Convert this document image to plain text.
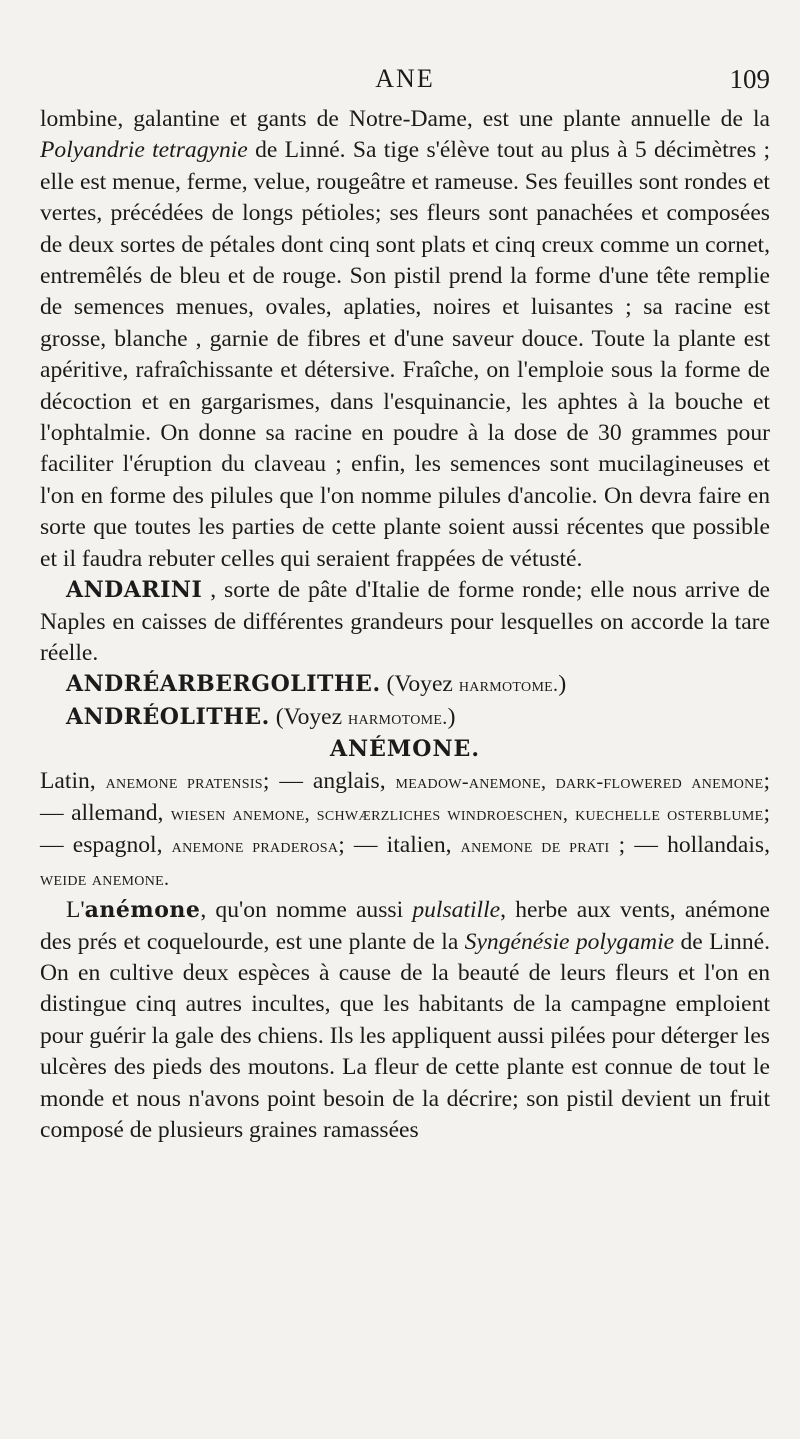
ANE	109

lombine, galantine et gants de Notre-Dame, est une plante annuelle de la Polyandrie tetragynie de Linné. Sa tige s'élève tout au plus à 5 décimètres ; elle est menue, ferme, velue, rougeâtre et rameuse. Ses feuilles sont rondes et vertes, précédées de longs pétioles; ses fleurs sont panachées et composées de deux sortes de pétales dont cinq sont plats et cinq creux comme un cornet, entremêlés de bleu et de rouge. Son pistil prend la forme d'une tête remplie de semences menues, ovales, aplaties, noires et luisantes ; sa racine est grosse, blanche , garnie de fibres et d'une saveur douce. Toute la plante est apéritive, rafraîchissante et détersive. Fraîche, on l'emploie sous la forme de décoction et en gargarismes, dans l'esquinancie, les aphtes à la bouche et l'ophtalmie. On donne sa racine en poudre à la dose de 30 grammes pour faciliter l'éruption du claveau ; enfin, les semences sont mucilagineuses et l'on en forme des pilules que l'on nomme pilules d'ancolie. On devra faire en sorte que toutes les parties de cette plante soient aussi récentes que possible et il faudra rebuter celles qui seraient frappées de vétusté.

ANDARINI , sorte de pâte d'Italie de forme ronde; elle nous arrive de Naples en caisses de différentes grandeurs pour lesquelles on accorde la tare réelle.

ANDRÉARBERGOLITHE. (Voyez harmotome.)

ANDRÉOLITHE. (Voyez harmotome.)

ANÉMONE.

Latin, anemone pratensis; — anglais, meadow-anemone, dark-flowered anemone; — allemand, wiesen anemone, schwærzliches windroeschen, kuechelle osterblume; — espagnol, anemone praderosa; — italien, anemone de prati ; — hollandais, weide anemone.

L'anémone, qu'on nomme aussi pulsatille, herbe aux vents, anémone des prés et coquelourde, est une plante de la Syngénésie polygamie de Linné. On en cultive deux espèces à cause de la beauté de leurs fleurs et l'on en distingue cinq autres incultes, que les habitants de la campagne emploient pour guérir la gale des chiens. Ils les appliquent aussi pilées pour déterger les ulcères des pieds des moutons. La fleur de cette plante est connue de tout le monde et nous n'avons point besoin de la décrire; son pistil devient un fruit composé de plusieurs graines ramassées
